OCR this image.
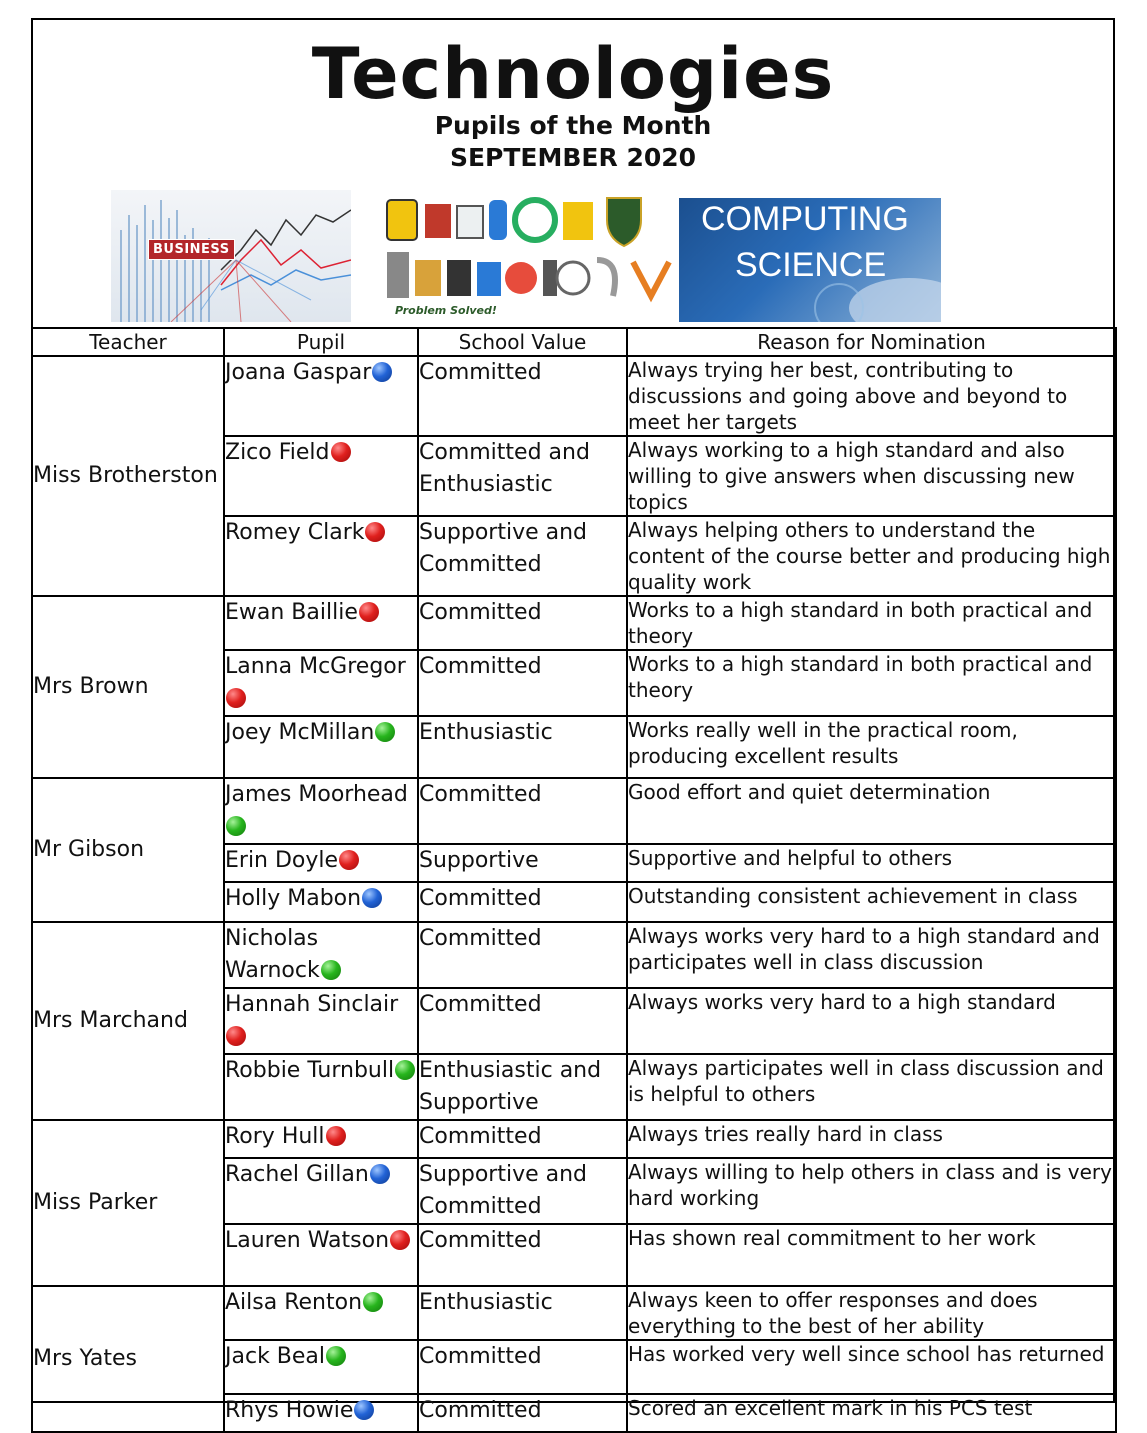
Technologies
Pupils of the Month
SEPTEMBER 2020
BUSINESS
Problem Solved!
COMPUTING
SCIENCE
Teacher	Pupil	School Value	Reason for Nomination
Miss Brotherston	Joana Gaspar	Committed	Always trying her best, contributing to discussions and going above and beyond to meet her targets
	Zico Field	Committed and Enthusiastic	Always working to a high standard and also willing to give answers when discussing new topics
	Romey Clark	Supportive and Committed	Always helping others to understand the content of the course better and producing high quality work
Mrs Brown	Ewan Baillie	Committed	Works to a high standard in both practical and theory
	Lanna McGregor	Committed	Works to a high standard in both practical and theory
	Joey McMillan	Enthusiastic	Works really well in the practical room, producing excellent results
Mr Gibson	James Moorhead	Committed	Good effort and quiet determination
	Erin Doyle	Supportive	Supportive and helpful to others
	Holly Mabon	Committed	Outstanding consistent achievement in class
Mrs Marchand	Nicholas Warnock	Committed	Always works very hard to a high standard and participates well in class discussion
	Hannah Sinclair	Committed	Always works very hard to a high standard
	Robbie Turnbull	Enthusiastic and Supportive	Always participates well in class discussion and is helpful to others
Miss Parker	Rory Hull	Committed	Always tries really hard in class
	Rachel Gillan	Supportive and Committed	Always willing to help others in class and is very hard working
	Lauren Watson	Committed	Has shown real commitment to her work
Mrs Yates	Ailsa Renton	Enthusiastic	Always keen to offer responses and does everything to the best of her ability
	Jack Beal	Committed	Has worked very well since school has returned
	Rhys Howie	Committed	Scored an excellent mark in his PCS test
